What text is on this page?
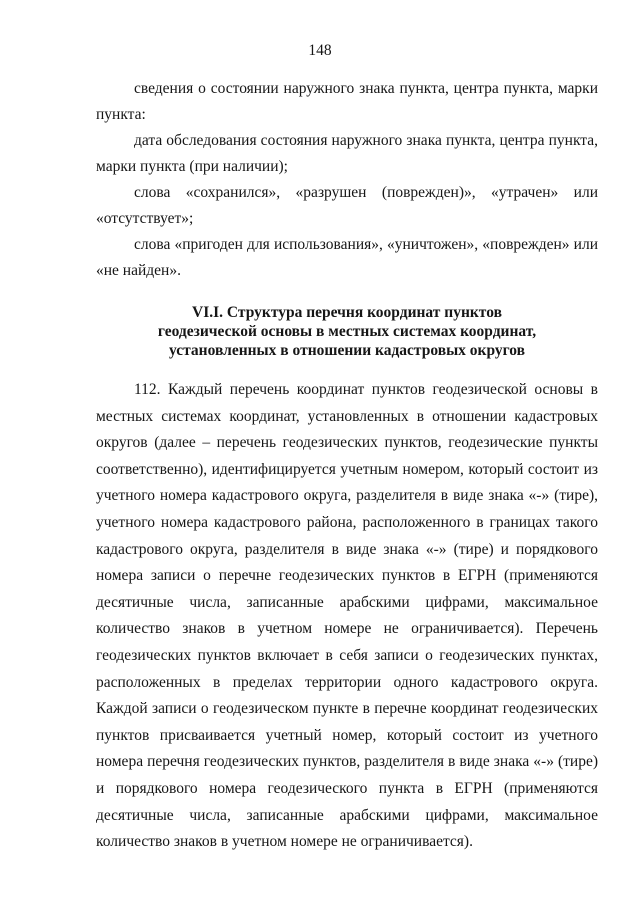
148
сведения о состоянии наружного знака пункта, центра пункта, марки пункта:
дата обследования состояния наружного знака пункта, центра пункта, марки пункта (при наличии);
слова «сохранился», «разрушен (поврежден)», «утрачен» или «отсутствует»;
слова «пригоден для использования», «уничтожен», «поврежден» или «не найден».
VI.I. Структура перечня координат пунктов
геодезической основы в местных системах координат,
установленных в отношении кадастровых округов
112. Каждый перечень координат пунктов геодезической основы в местных системах координат, установленных в отношении кадастровых округов (далее – перечень геодезических пунктов, геодезические пункты соответственно), идентифицируется учетным номером, который состоит из учетного номера кадастрового округа, разделителя в виде знака «-» (тире), учетного номера кадастрового района, расположенного в границах такого кадастрового округа, разделителя в виде знака «-» (тире) и порядкового номера записи о перечне геодезических пунктов в ЕГРН (применяются десятичные числа, записанные арабскими цифрами, максимальное количество знаков в учетном номере не ограничивается). Перечень геодезических пунктов включает в себя записи о геодезических пунктах, расположенных в пределах территории одного кадастрового округа. Каждой записи о геодезическом пункте в перечне координат геодезических пунктов присваивается учетный номер, который состоит из учетного номера перечня геодезических пунктов, разделителя в виде знака «-» (тире) и порядкового номера геодезического пункта в ЕГРН (применяются десятичные числа, записанные арабскими цифрами, максимальное количество знаков в учетном номере не ограничивается).
